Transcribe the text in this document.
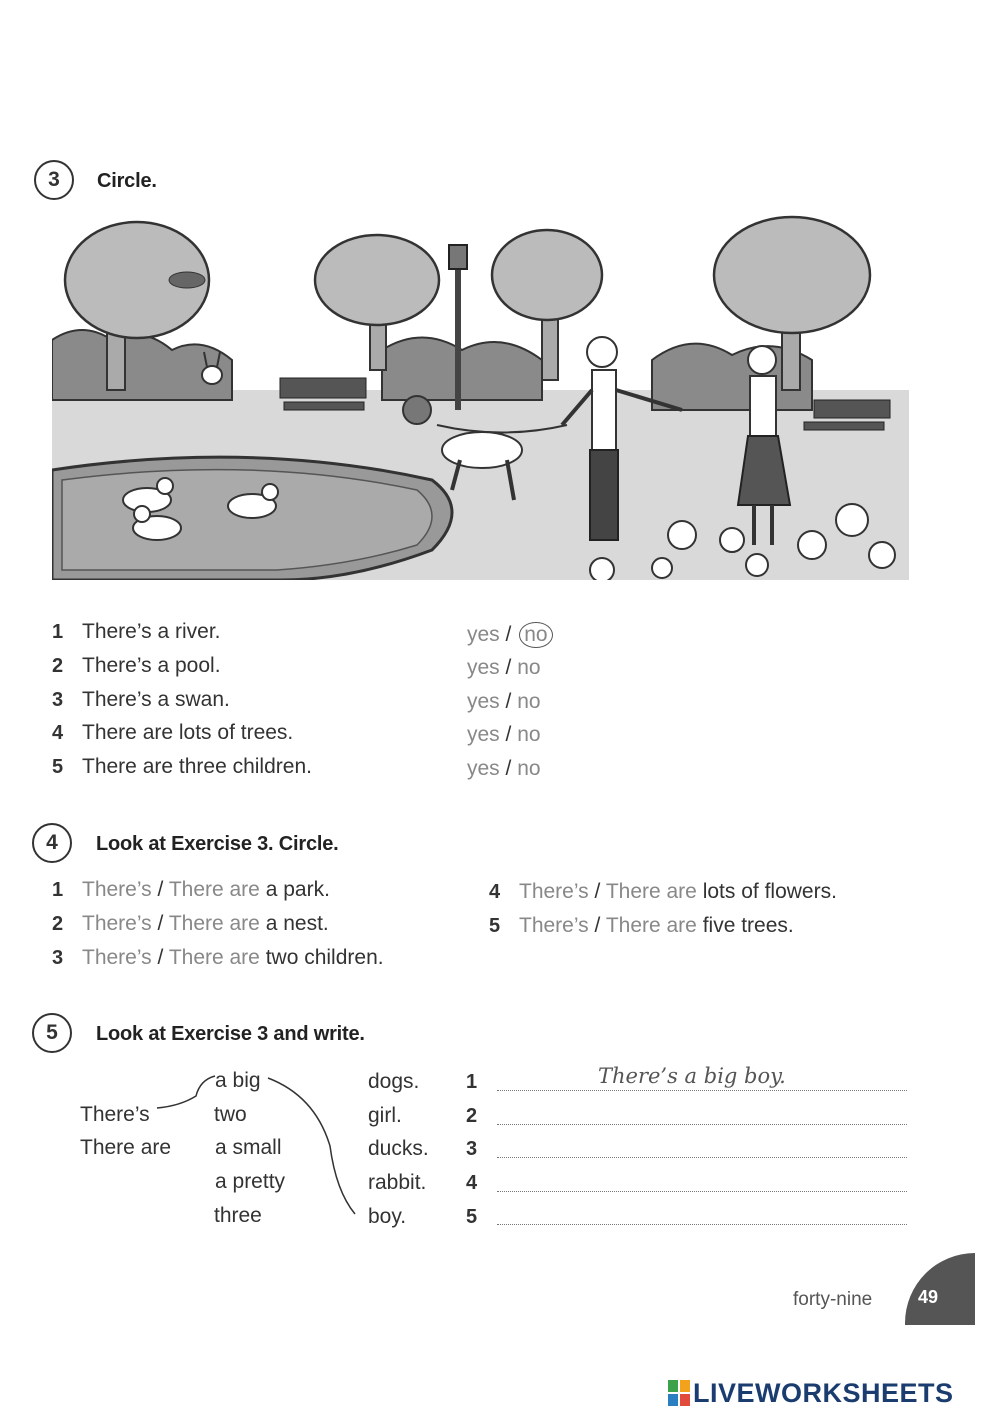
3	Circle.
1 There’s a river.	yes / no
2 There’s a pool.	yes / no
3 There’s a swan.	yes / no
4 There are lots of trees.	yes / no
5 There are three children.	yes / no
4	Look at Exercise 3. Circle.
1 There’s / There are a park.
2 There’s / There are a nest.
3 There’s / There are two children.
4 There’s / There are lots of flowers.
5 There’s / There are five trees.
5	Look at Exercise 3 and write.
There’s
There are
a big
two
a small
a pretty
three
dogs.
girl.
ducks.
rabbit.
boy.
1
2
3
4
5
There’s a big boy.
forty-nine	49
LIVEWORKSHEETS
